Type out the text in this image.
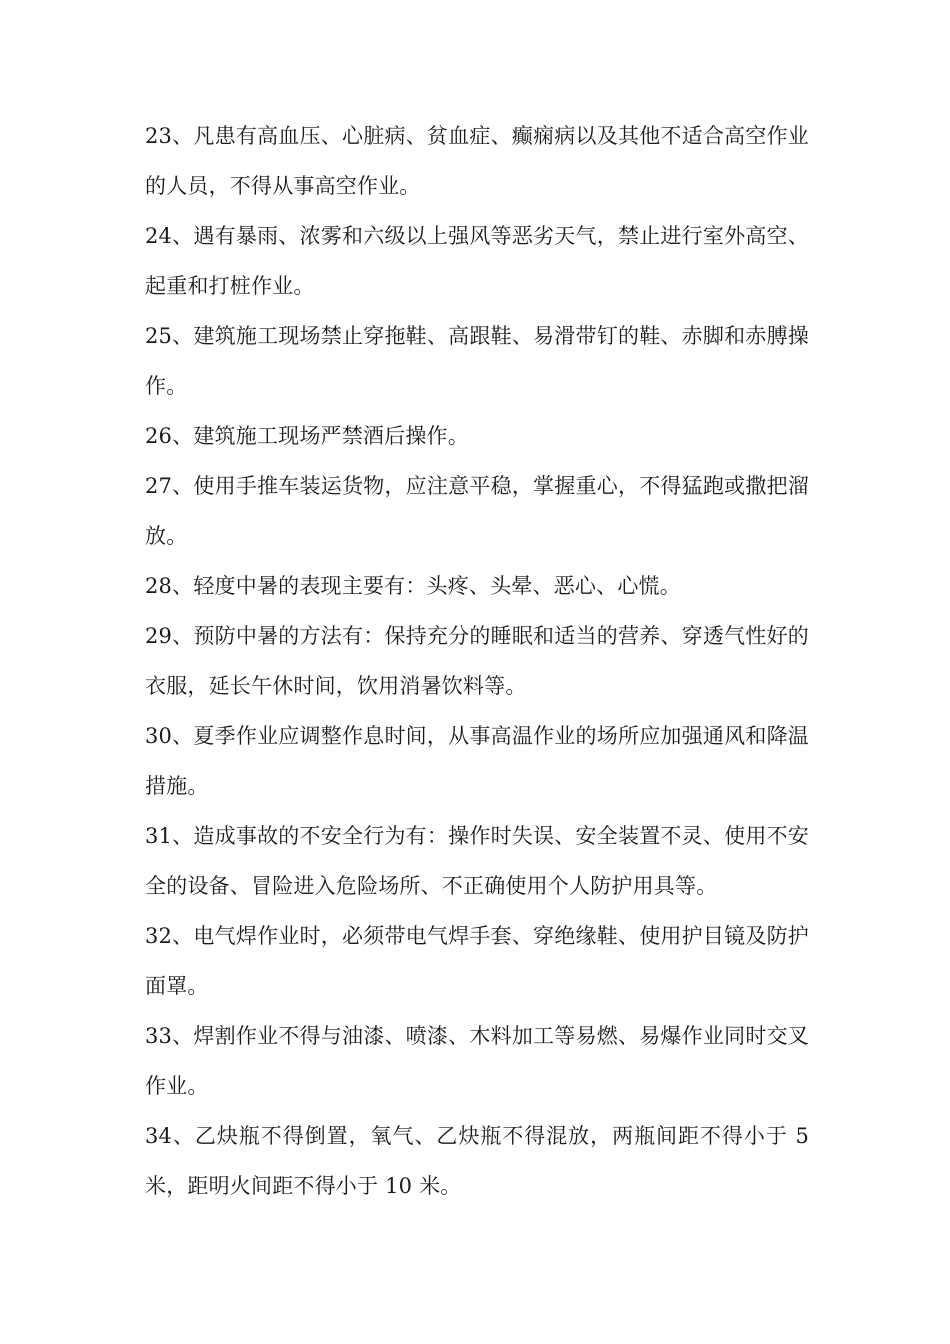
23、凡患有高血压、心脏病、贫血症、癫痫病以及其他不适合高空作业的人员，不得从事高空作业。

24、遇有暴雨、浓雾和六级以上强风等恶劣天气，禁止进行室外高空、起重和打桩作业。

25、建筑施工现场禁止穿拖鞋、高跟鞋、易滑带钉的鞋、赤脚和赤膊操作。

26、建筑施工现场严禁酒后操作。

27、使用手推车装运货物，应注意平稳，掌握重心，不得猛跑或撒把溜放。

28、轻度中暑的表现主要有：头疼、头晕、恶心、心慌。

29、预防中暑的方法有：保持充分的睡眠和适当的营养、穿透气性好的衣服，延长午休时间，饮用消暑饮料等。

30、夏季作业应调整作息时间，从事高温作业的场所应加强通风和降温措施。

31、造成事故的不安全行为有：操作时失误、安全装置不灵、使用不安全的设备、冒险进入危险场所、不正确使用个人防护用具等。

32、电气焊作业时，必须带电气焊手套、穿绝缘鞋、使用护目镜及防护面罩。

33、焊割作业不得与油漆、喷漆、木料加工等易燃、易爆作业同时交叉作业。

34、乙炔瓶不得倒置，氧气、乙炔瓶不得混放，两瓶间距不得小于 5 米，距明火间距不得小于 10 米。
